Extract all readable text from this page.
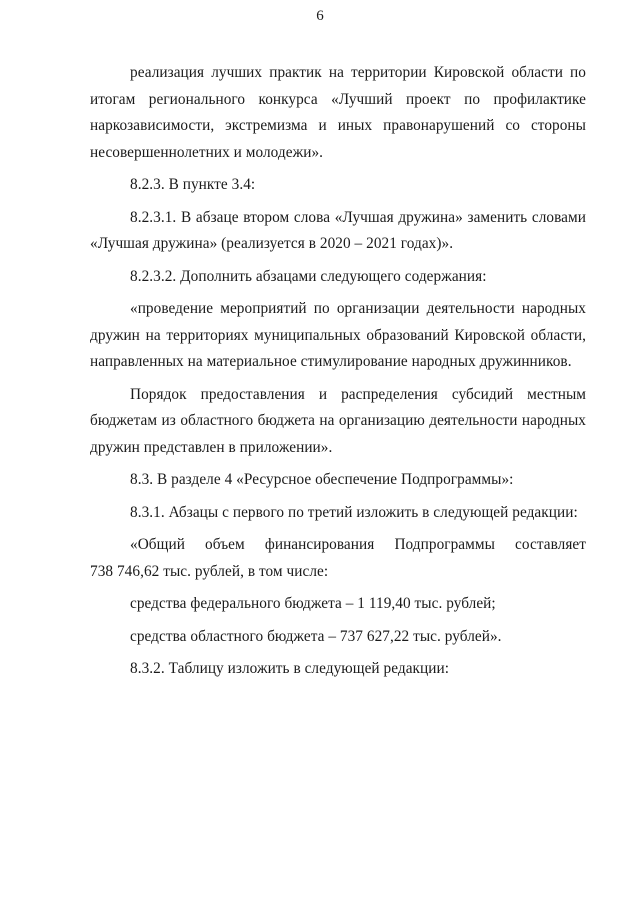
6
реализация лучших практик на территории Кировской области по
итогам регионального конкурса «Лучший проект по профилактике
наркозависимости, экстремизма и иных правонарушений со стороны
несовершеннолетних и молодежи».
8.2.3. В пункте 3.4:
8.2.3.1. В абзаце втором слова «Лучшая дружина» заменить словами
«Лучшая дружина» (реализуется в 2020 – 2021 годах)».
8.2.3.2. Дополнить абзацами следующего содержания:
«проведение мероприятий по организации деятельности народных
дружин на территориях муниципальных образований Кировской области,
направленных на материальное стимулирование народных дружинников.
Порядок предоставления и распределения субсидий местным
бюджетам из областного бюджета на организацию деятельности народных
дружин представлен в приложении».
8.3. В разделе 4 «Ресурсное обеспечение Подпрограммы»:
8.3.1. Абзацы с первого по третий изложить в следующей редакции:
«Общий объем финансирования Подпрограммы составляет
738 746,62 тыс. рублей, в том числе:
средства федерального бюджета – 1 119,40 тыс. рублей;
средства областного бюджета – 737 627,22 тыс. рублей».
8.3.2. Таблицу изложить в следующей редакции:
